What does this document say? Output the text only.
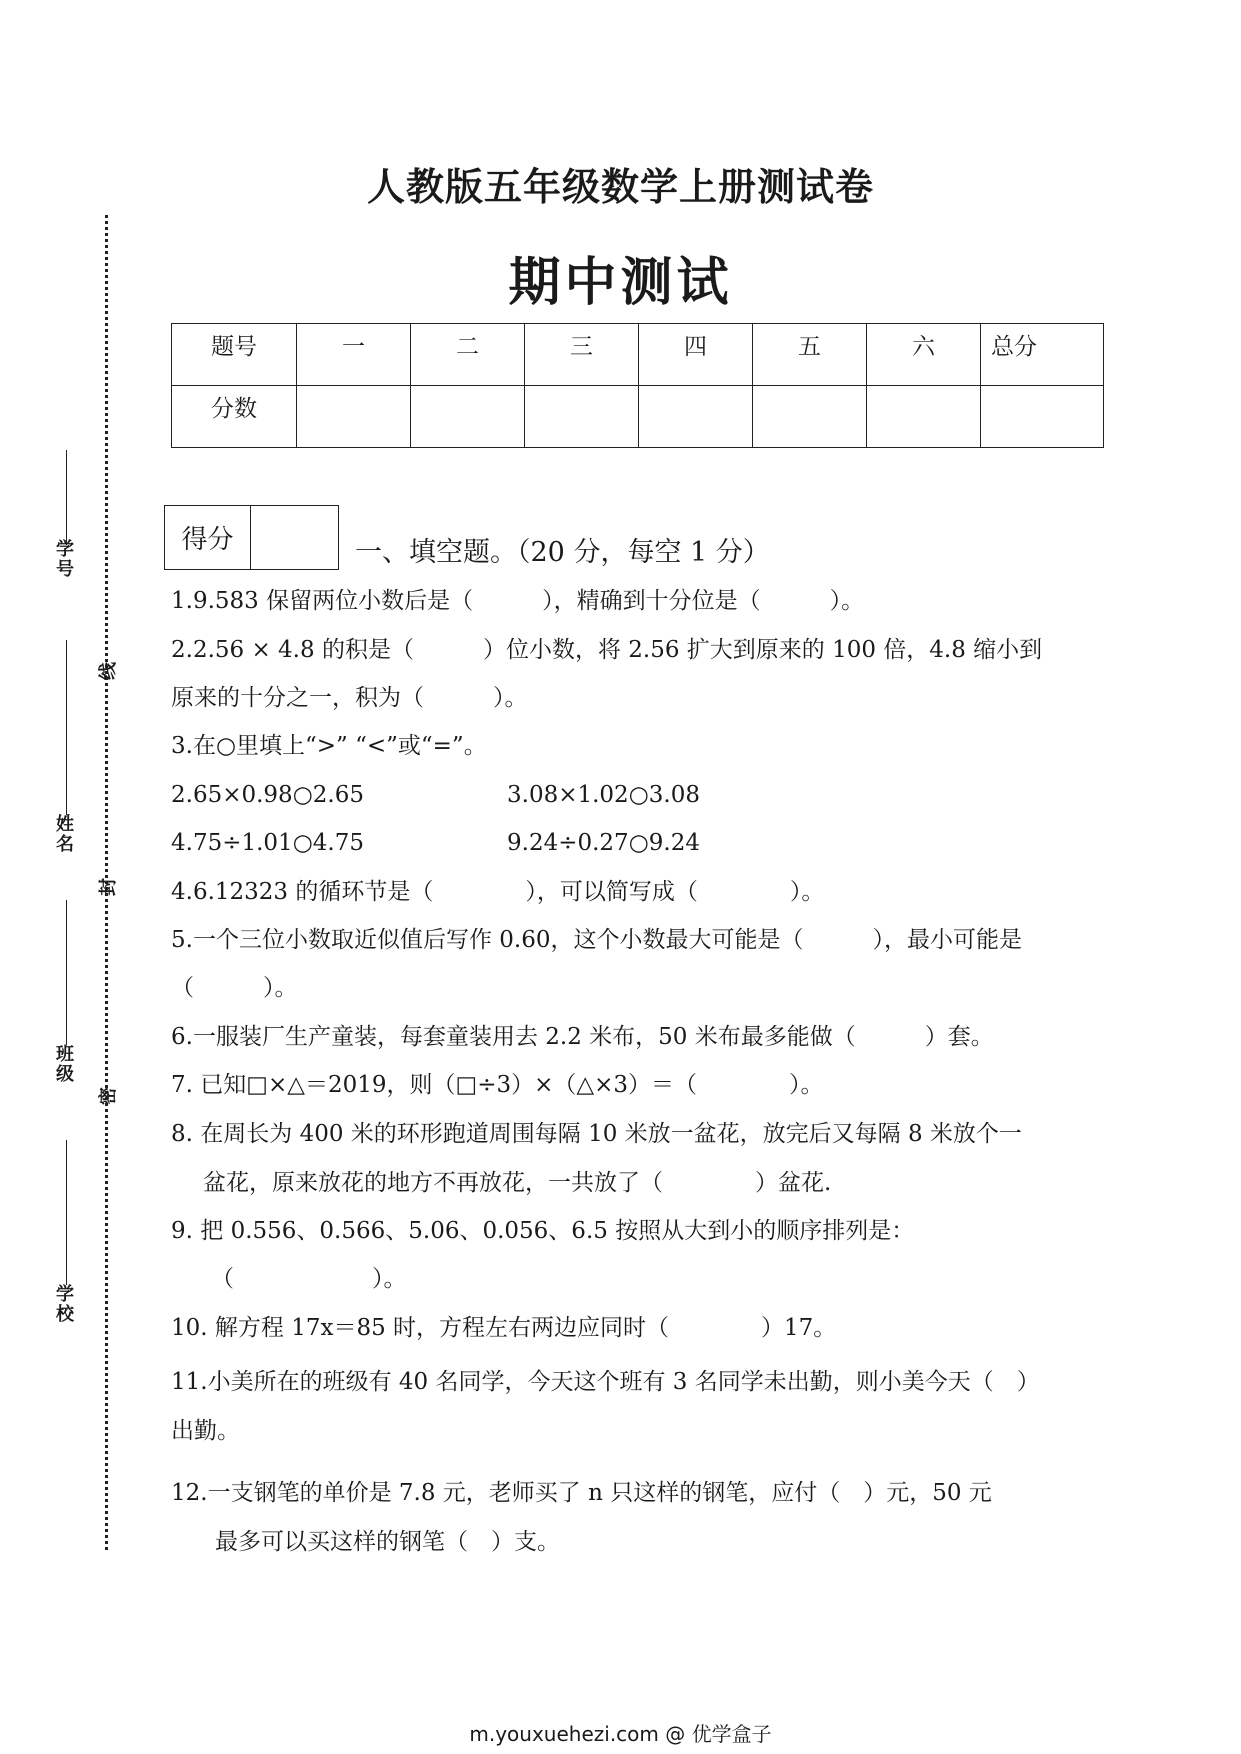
学号
姓名
班级
学校
线
封
密
人教版五年级数学上册测试卷
期中测试
题号	一	二	三	四	五	六	总分
分数							
得分	一、填空题。（20 分，每空 1 分）
1.9.583 保留两位小数后是（　　　），精确到十分位是（　　　）。
2.2.56 × 4.8 的积是（　　　）位小数，将 2.56 扩大到原来的 100 倍，4.8 缩小到
原来的十分之一，积为（　　　）。
3.在○里填上“>” “<”或“=”。
2.65×0.98○2.65	3.08×1.02○3.08
4.75÷1.01○4.75	9.24÷0.27○9.24
4.6.12323 的循环节是（　　　　），可以简写成（　　　　）。
5.一个三位小数取近似值后写作 0.60，这个小数最大可能是（　　　），最小可能是
（　　　）。
6.一服装厂生产童装，每套童装用去 2.2 米布，50 米布最多能做（　　　）套。
7. 已知□×△＝2019，则（□÷3）×（△×3）＝（　　　　）。
8. 在周长为 400 米的环形跑道周围每隔 10 米放一盆花，放完后又每隔 8 米放个一
盆花，原来放花的地方不再放花，一共放了（　　　　）盆花.
9. 把 0.556、0.566、5.06、0.056、6.5 按照从大到小的顺序排列是：
（　　　　　　）。
10. 解方程 17x＝85 时，方程左右两边应同时（　　　　）17。
11.小美所在的班级有 40 名同学，今天这个班有 3 名同学未出勤，则小美今天（　）
出勤。
12.一支钢笔的单价是 7.8 元，老师买了 n 只这样的钢笔，应付（　）元，50 元
最多可以买这样的钢笔（　）支。
m.youxuehezi.com @ 优学盒子
